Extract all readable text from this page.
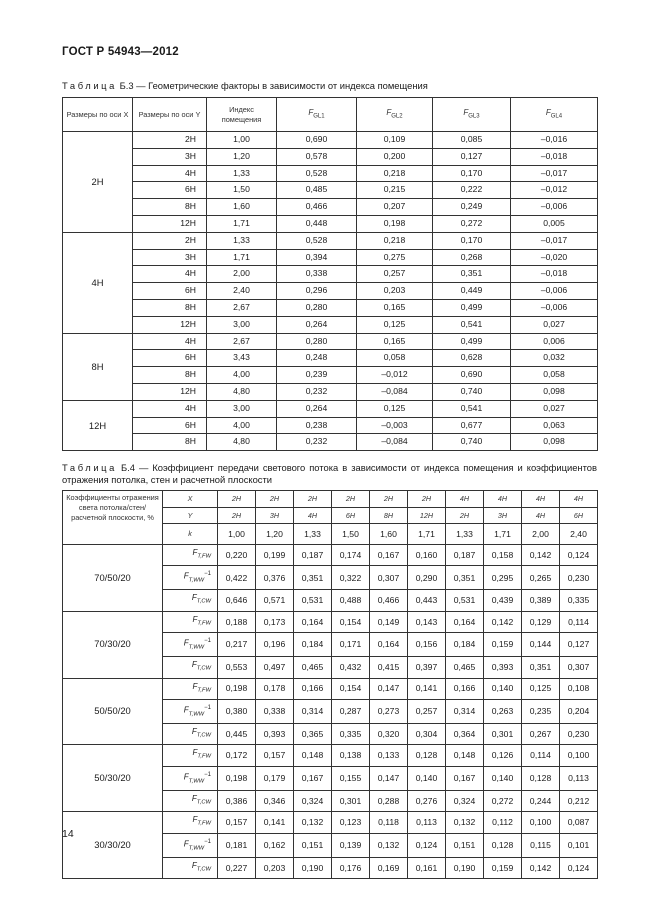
ГОСТ Р 54943—2012
Таблица Б.3 — Геометрические факторы в зависимости от индекса помещения
Размеры по оси X	Размеры по оси Y	Индекс помещения	$F_{GL1}$	$F_{GL2}$	$F_{GL3}$	$F_{GL4}$
2H	2H	1,00	0,690	0,109	0,085	–0,016
	3H	1,20	0,578	0,200	0,127	–0,018
	4H	1,33	0,528	0,218	0,170	–0,017
	6H	1,50	0,485	0,215	0,222	–0,012
	8H	1,60	0,466	0,207	0,249	–0,006
	12H	1,71	0,448	0,198	0,272	0,005
4H	2H	1,33	0,528	0,218	0,170	–0,017
	3H	1,71	0,394	0,275	0,268	–0,020
	4H	2,00	0,338	0,257	0,351	–0,018
	6H	2,40	0,296	0,203	0,449	–0,006
	8H	2,67	0,280	0,165	0,499	–0,006
	12H	3,00	0,264	0,125	0,541	0,027
8H	4H	2,67	0,280	0,165	0,499	0,006
	6H	3,43	0,248	0,058	0,628	0,032
	8H	4,00	0,239	–0,012	0,690	0,058
	12H	4,80	0,232	–0,084	0,740	0,098
12H	4H	3,00	0,264	0,125	0,541	0,027
	6H	4,00	0,238	–0,003	0,677	0,063
	8H	4,80	0,232	–0,084	0,740	0,098
Таблица Б.4 — Коэффициент передачи светового потока в зависимости от индекса помещения и коэффициентов отражения потолка, стен и расчетной плоскости
Коэффициенты отражения света потолка/стен/расчетной плоскости, %	X	2H	2H	2H	2H	2H	2H	4H	4H	4H	4H
	Y	2H	3H	4H	6H	8H	12H	2H	3H	4H	6H
	k	1,00	1,20	1,33	1,50	1,60	1,71	1,33	1,71	2,00	2,40
70/50/20	$F_{T,FW}$	0,220	0,199	0,187	0,174	0,167	0,160	0,187	0,158	0,142	0,124
	$F_{T,WW}^{-1}$	0,422	0,376	0,351	0,322	0,307	0,290	0,351	0,295	0,265	0,230
	$F_{T,CW}$	0,646	0,571	0,531	0,488	0,466	0,443	0,531	0,439	0,389	0,335
70/30/20	$F_{T,FW}$	0,188	0,173	0,164	0,154	0,149	0,143	0,164	0,142	0,129	0,114
	$F_{T,WW}^{-1}$	0,217	0,196	0,184	0,171	0,164	0,156	0,184	0,159	0,144	0,127
	$F_{T,CW}$	0,553	0,497	0,465	0,432	0,415	0,397	0,465	0,393	0,351	0,307
50/50/20	$F_{T,FW}$	0,198	0,178	0,166	0,154	0,147	0,141	0,166	0,140	0,125	0,108
	$F_{T,WW}^{-1}$	0,380	0,338	0,314	0,287	0,273	0,257	0,314	0,263	0,235	0,204
	$F_{T,CW}$	0,445	0,393	0,365	0,335	0,320	0,304	0,364	0,301	0,267	0,230
50/30/20	$F_{T,FW}$	0,172	0,157	0,148	0,138	0,133	0,128	0,148	0,126	0,114	0,100
	$F_{T,WW}^{-1}$	0,198	0,179	0,167	0,155	0,147	0,140	0,167	0,140	0,128	0,113
	$F_{T,CW}$	0,386	0,346	0,324	0,301	0,288	0,276	0,324	0,272	0,244	0,212
30/30/20	$F_{T,FW}$	0,157	0,141	0,132	0,123	0,118	0,113	0,132	0,112	0,100	0,087
	$F_{T,WW}^{-1}$	0,181	0,162	0,151	0,139	0,132	0,124	0,151	0,128	0,115	0,101
	$F_{T,CW}$	0,227	0,203	0,190	0,176	0,169	0,161	0,190	0,159	0,142	0,124
14
